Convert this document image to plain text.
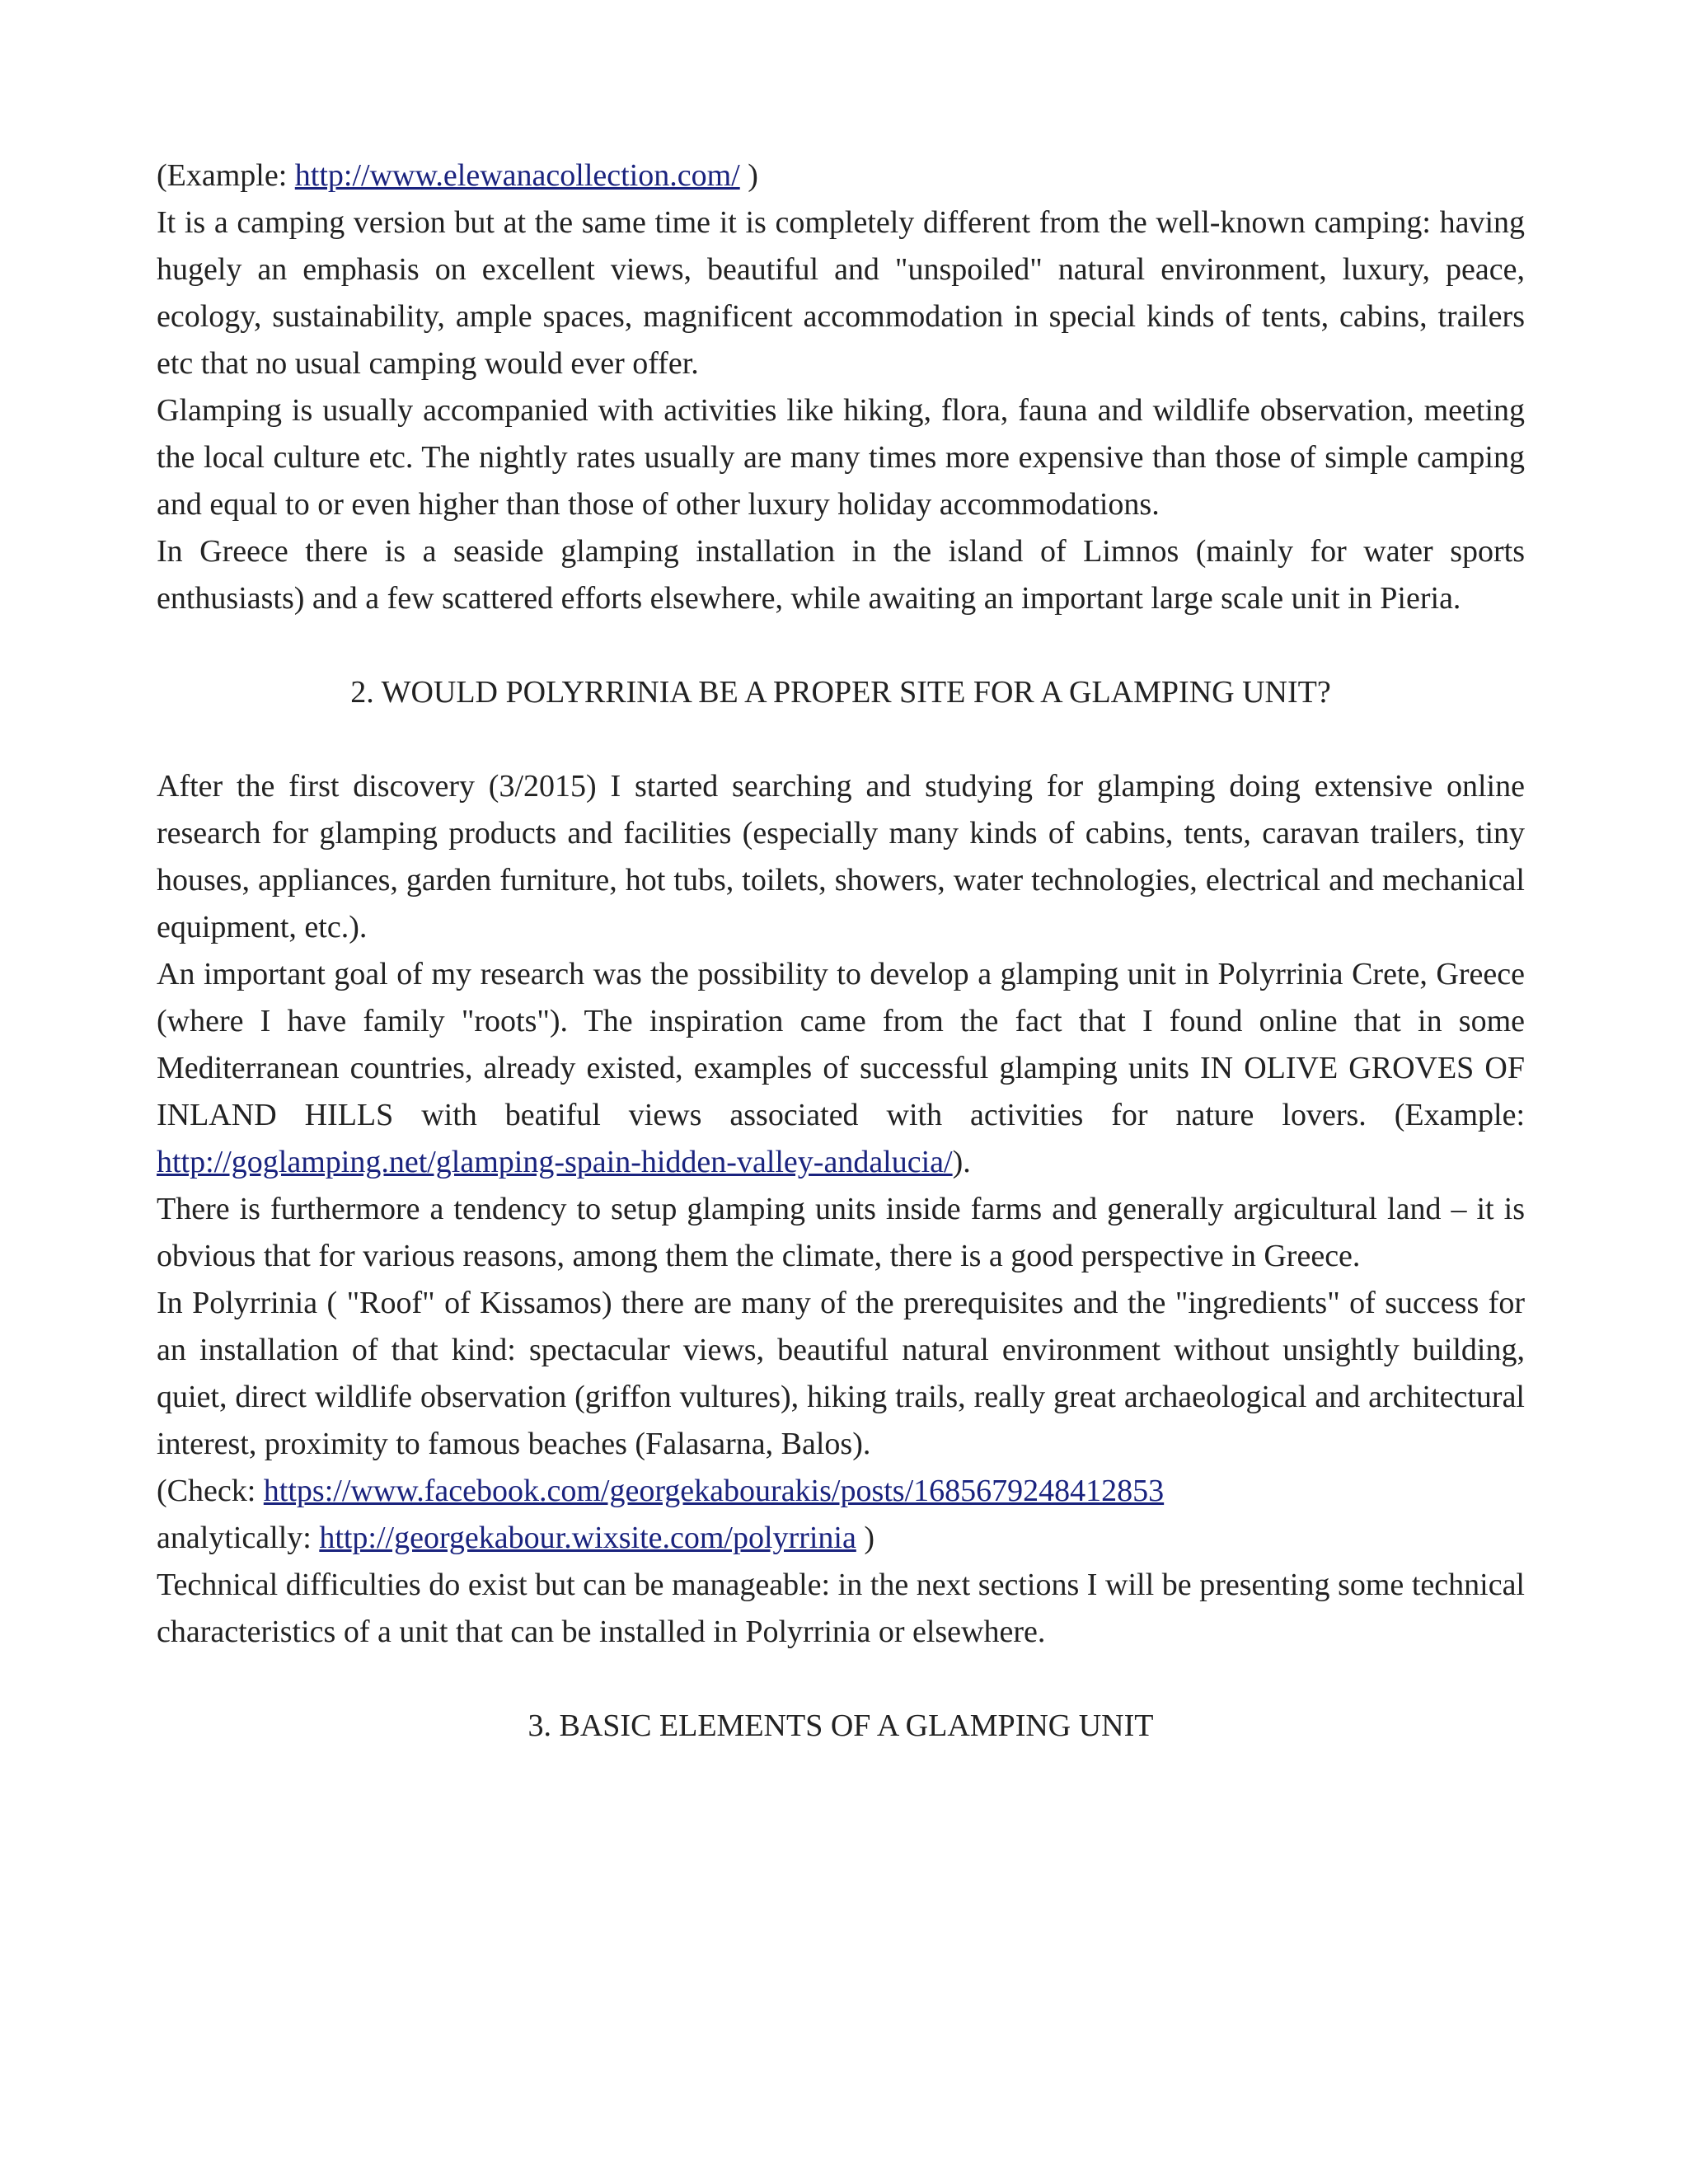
(Example: http://www.elewanacollection.com/ )

It is a camping version but at the same time it is completely different from the well-known camping: having hugely an emphasis on excellent views, beautiful and "unspoiled" natural environment, luxury, peace, ecology, sustainability, ample spaces, magnificent accommodation in special kinds of tents, cabins, trailers etc that no usual camping would ever offer.

Glamping is usually accompanied with activities like hiking, flora, fauna and wildlife observation, meeting the local culture etc. The nightly rates usually are many times more expensive than those of simple camping and equal to or even higher than those of other luxury holiday accommodations.

In Greece there is a seaside glamping installation in the island of Limnos (mainly for water sports enthusiasts) and a few scattered efforts elsewhere, while awaiting an important large scale unit in Pieria.

2. WOULD POLYRRINIA BE A PROPER SITE FOR A GLAMPING UNIT?

After the first discovery (3/2015) I started searching and studying for glamping doing extensive online research for glamping products and facilities (especially many kinds of cabins, tents, caravan trailers, tiny houses, appliances, garden furniture, hot tubs, toilets, showers, water technologies, electrical and mechanical equipment, etc.).

An important goal of my research was the possibility to develop a glamping unit in Polyrrinia Crete, Greece (where I have family "roots"). The inspiration came from the fact that I found online that in some Mediterranean countries, already existed, examples of successful glamping units IN OLIVE GROVES OF INLAND HILLS with beatiful views associated with activities for nature lovers. (Example: http://goglamping.net/glamping-spain-hidden-valley-andalucia/).

There is furthermore a tendency to setup glamping units inside farms and generally argicultural land – it is obvious that for various reasons, among them the climate, there is a good perspective in Greece.

In Polyrrinia ( "Roof" of Kissamos) there are many of the prerequisites and the "ingredients" of success for an installation of that kind: spectacular views, beautiful natural environment without unsightly building, quiet, direct wildlife observation (griffon vultures), hiking trails, really great archaeological and architectural interest, proximity to famous beaches (Falasarna, Balos).

(Check: https://www.facebook.com/georgekabourakis/posts/1685679248412853

analytically: http://georgekabour.wixsite.com/polyrrinia )

Technical difficulties do exist but can be manageable: in the next sections I will be presenting some technical characteristics of a unit that can be installed in Polyrrinia or elsewhere.

3. BASIC ELEMENTS OF A GLAMPING UNIT
